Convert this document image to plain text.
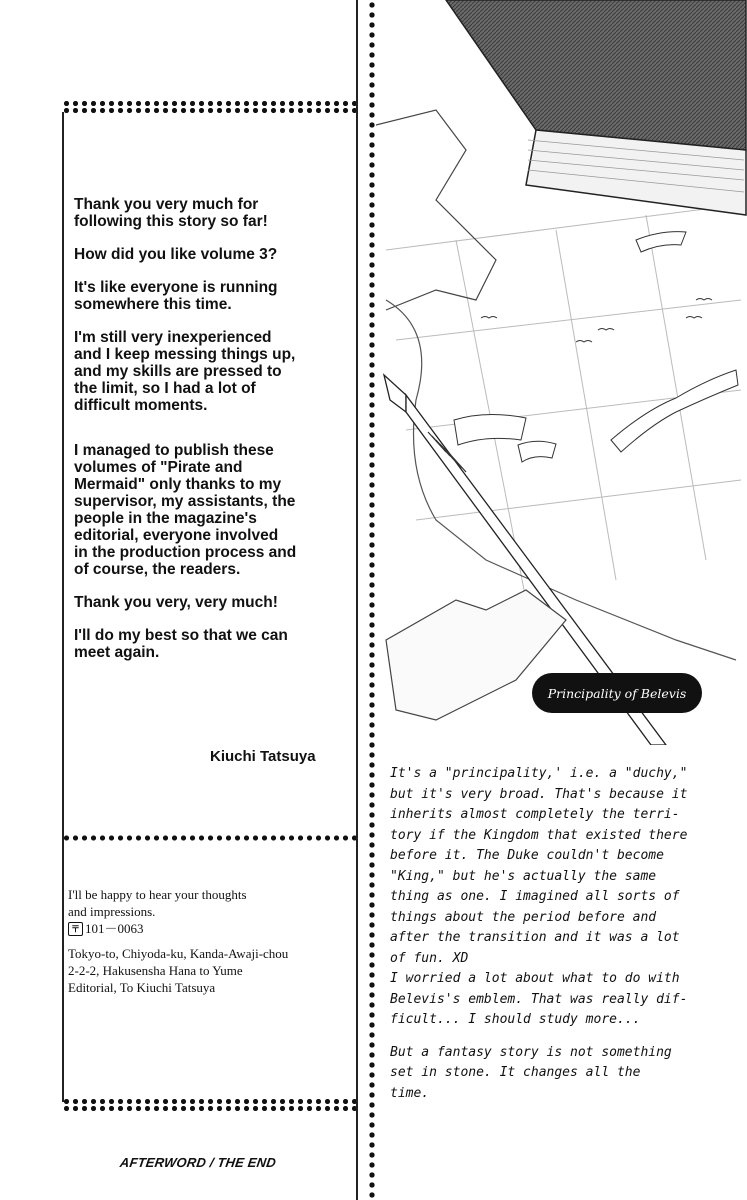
Thank you very much for
following this story so far!

How did you like volume 3?

It's like everyone is running
somewhere this time.

I'm still very inexperienced
and I keep messing things up,
and my skills are pressed to
the limit, so I had a lot of
difficult moments.

I managed to publish these
volumes of "Pirate and
Mermaid" only thanks to my
supervisor, my assistants, the
people in the magazine's
editorial, everyone involved
in the production process and
of course, the readers.

Thank you very, very much!

I'll do my best so that we can
meet again.

Kiuchi Tatsuya
I'll be happy to hear your thoughts
and impressions.
〒 101－0063
Tokyo-to, Chiyoda-ku, Kanda-Awaji-chou
2-2-2, Hakusensha Hana to Yume
Editorial, To Kiuchi Tatsuya
AFTERWORD / THE END
Principality of Belevis

It's a "principality,' i.e. a "duchy,"
but it's very broad. That's because it
inherits almost completely the terri-
tory if the Kingdom that existed there
before it. The Duke couldn't become
"King," but he's actually the same
thing as one. I imagined all sorts of
things about the period before and
after the transition and it was a lot
of fun. XD
I worried a lot about what to do with
Belevis's emblem. That was really dif-
ficult... I should study more...

But a fantasy story is not something
set in stone. It changes all the
time.
